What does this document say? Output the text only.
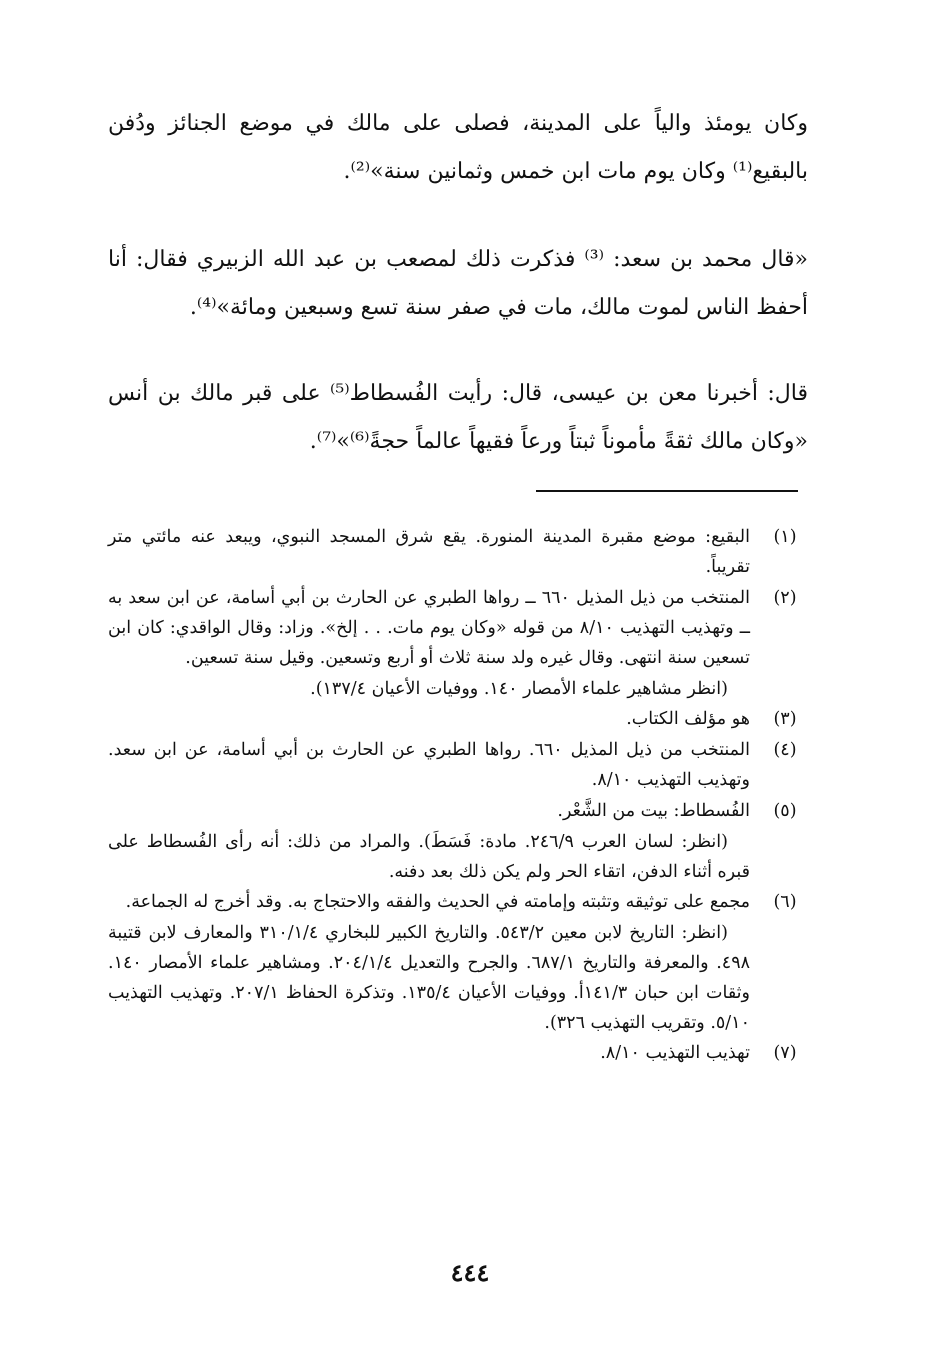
وكان يومئذ والياً على المدينة، فصلى على مالك في موضع الجنائز ودُفن بالبقيع⁽¹⁾ وكان يوم مات ابن خمس وثمانين سنة»⁽²⁾.

«قال محمد بن سعد: ⁽³⁾ فذكرت ذلك لمصعب بن عبد الله الزبيري فقال: أنا أحفظ الناس لموت مالك، مات في صفر سنة تسع وسبعين ومائة»⁽⁴⁾.

قال: أخبرنا معن بن عيسى، قال: رأيت الفُسطاط⁽⁵⁾ على قبر مالك بن أنس «وكان مالك ثقةً مأموناً ثبتاً ورعاً فقيهاً عالماً حجةً⁽⁶⁾»⁽⁷⁾.

(١)
البقيع: موضع مقبرة المدينة المنورة. يقع شرق المسجد النبوي، ويبعد عنه مائتي متر تقريباً.
(٢)
المنتخب من ذيل المذيل ٦٦٠ ــ رواها الطبري عن الحارث بن أبي أسامة، عن ابن سعد به ــ وتهذيب التهذيب ٨/١٠ من قوله «وكان يوم مات. . . إلخ». وزاد: وقال الواقدي: كان ابن تسعين سنة انتهى. وقال غيره ولد سنة ثلاث أو أربع وتسعين. وقيل سنة تسعين.
(انظر مشاهير علماء الأمصار ١٤٠. ووفيات الأعيان ١٣٧/٤).
(٣)
هو مؤلف الكتاب.
(٤)
المنتخب من ذيل المذيل ٦٦٠. رواها الطبري عن الحارث بن أبي أسامة، عن ابن سعد. وتهذيب التهذيب ٨/١٠.
(٥)
الفُسطاط: بيت من الشَّعْر.
(انظر: لسان العرب ٢٤٦/٩. مادة: فَسَطَ). والمراد من ذلك: أنه رأى الفُسطاط على قبره أثناء الدفن، اتقاء الحر ولم يكن ذلك بعد دفنه.
(٦)
مجمع على توثيقه وتثبته وإمامته في الحديث والفقه والاحتجاج به. وقد أخرج له الجماعة.
(انظر: التاريخ لابن معين ٥٤٣/٢. والتاريخ الكبير للبخاري ٣١٠/١/٤ والمعارف لابن قتيبة ٤٩٨. والمعرفة والتاريخ ٦٨٧/١. والجرح والتعديل ٢٠٤/١/٤. ومشاهير علماء الأمصار ١٤٠. وثقات ابن حبان ١٤١/٣أ. ووفيات الأعيان ١٣٥/٤. وتذكرة الحفاظ ٢٠٧/١. وتهذيب التهذيب ٥/١٠. وتقريب التهذيب ٣٢٦).
(٧)
تهذيب التهذيب ٨/١٠.
٤٤٤
